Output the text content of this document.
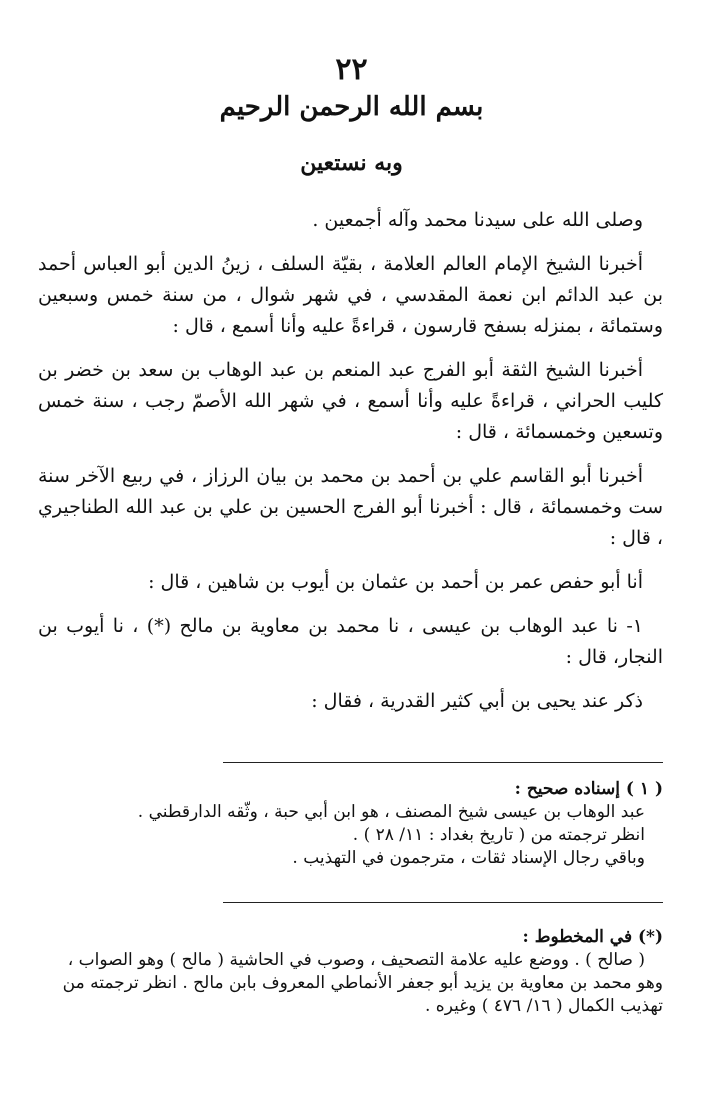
٢٢
بسم الله الرحمن الرحيم
وبه نستعين

وصلى الله على سيدنا محمد وآله أجمعين .

أخبرنا الشيخ الإمام العالم العلامة ، بقيّة السلف ، زينُ الدين أبو العباس أحمد بن عبد الدائم ابن نعمة المقدسي ، في شهر شوال ، من سنة خمس وسبعين وستمائة ، بمنزله بسفح قارسون ، قراءةً عليه وأنا أسمع ، قال :

أخبرنا الشيخ الثقة أبو الفرج عبد المنعم بن عبد الوهاب بن سعد بن خضر بن كليب الحراني ، قراءةً عليه وأنا أسمع ، في شهر الله الأصمّ رجب ، سنة خمس وتسعين وخمسمائة ، قال :

أخبرنا أبو القاسم علي بن أحمد بن محمد بن بيان الرزاز ، في ربيع الآخر سنة ست وخمسمائة ، قال : أخبرنا أبو الفرج الحسين بن علي بن عبد الله الطناجيري ، قال :

أنا أبو حفص عمر بن أحمد بن عثمان بن أيوب بن شاهين ، قال :

١- نا عبد الوهاب بن عيسى ، نا محمد بن معاوية بن مالح (*) ، نا أيوب بن النجار، قال :

ذكر عند يحيى بن أبي كثير القدرية ، فقال :

( ١ ) إسناده صحيح :

عبد الوهاب بن عيسى شيخ المصنف ، هو ابن أبي حبة ، وثّقه الدارقطني .

انظر ترجمته من ( تاريخ بغداد : ١١/ ٢٨ ) .

وباقي رجال الإسناد ثقات ، مترجمون في التهذيب .

(*) في المخطوط :

( صالح ) . ووضع عليه علامة التصحيف ، وصوب في الحاشية ( مالح ) وهو الصواب ، وهو محمد بن معاوية بن يزيد أبو جعفر الأنماطي المعروف بابن مالح . انظر ترجمته من تهذيب الكمال ( ١٦/ ٤٧٦ ) وغيره .
